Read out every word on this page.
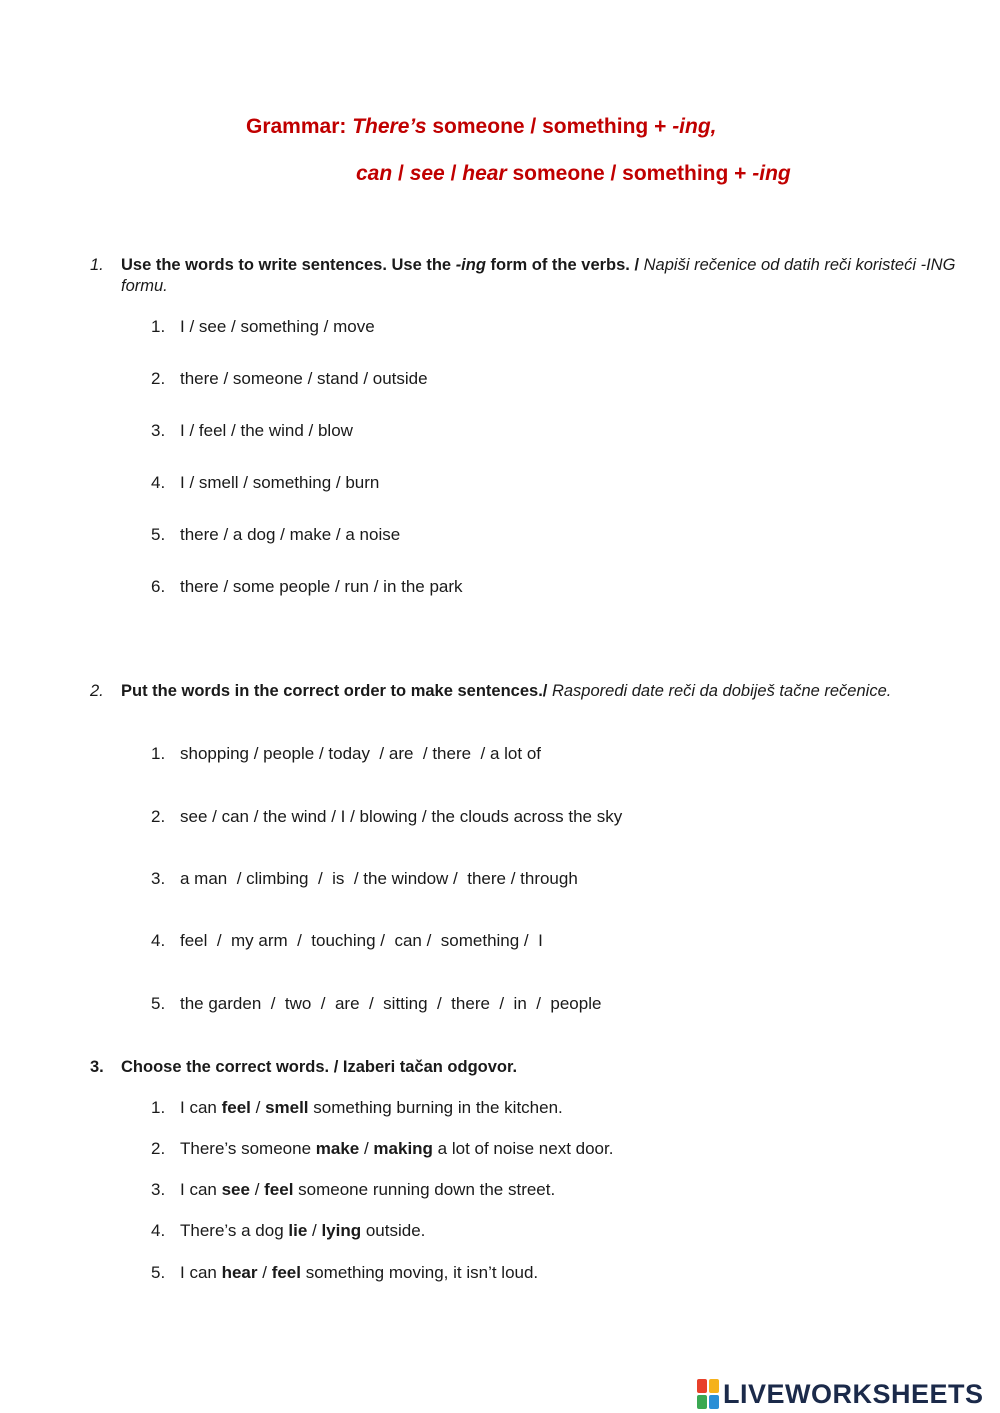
Grammar: There’s someone / something + -ing,
can / see / hear someone / something + -ing
1. Use the words to write sentences. Use the -ing form of the verbs. / Napiši rečenice od datih reči koristeći -ING formu.
1. I / see / something / move
2. there / someone / stand / outside
3. I / feel / the wind / blow
4. I / smell / something / burn
5. there / a dog / make / a noise
6. there / some people / run / in the park
2. Put the words in the correct order to make sentences./ Rasporedi date reči da dobiješ tačne rečenice.
1. shopping / people / today  / are  / there  / a lot of
2. see / can / the wind / I / blowing / the clouds across the sky
3. a man  / climbing  /  is  / the window /  there / through
4. feel  /  my arm  /  touching /  can /  something /  I
5. the garden  /  two  /  are  /  sitting  /  there  /  in  /  people
3. Choose the correct words. / Izaberi tačan odgovor.
1. I can feel / smell something burning in the kitchen.
2. There’s someone make / making a lot of noise next door.
3. I can see / feel someone running down the street.
4. There’s a dog lie / lying outside.
5. I can hear / feel something moving, it isn’t loud.
LIVEWORKSHEETS
